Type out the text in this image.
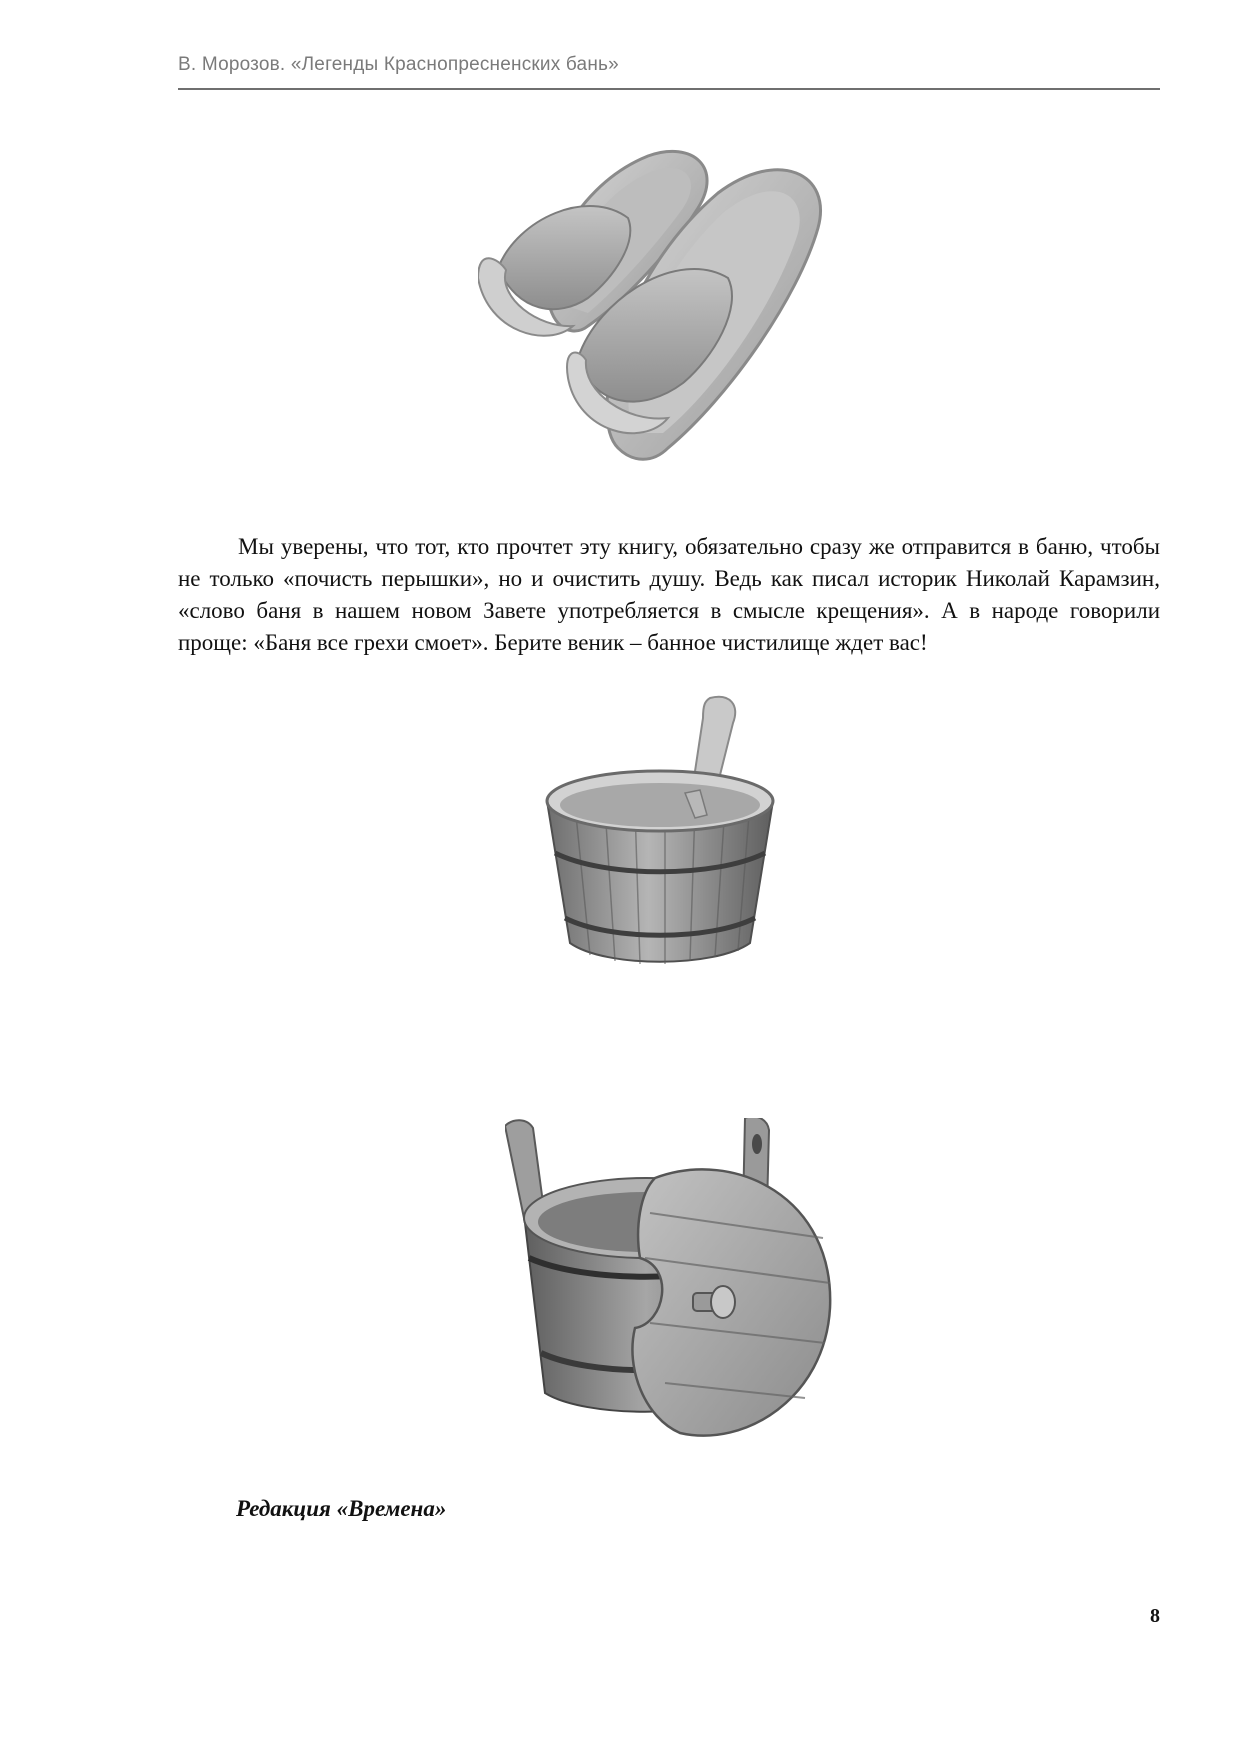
В. Морозов. «Легенды Краснопресненских бань»

Мы уверены, что тот, кто прочтет эту книгу, обязательно сразу же отправится в баню, чтобы не только «почисть перышки», но и очистить душу. Ведь как писал историк Николай Карамзин, «слово баня в нашем новом Завете употребляется в смысле крещения». А в народе говорили проще: «Баня все грехи смоет». Берите веник – банное чистилище ждет вас!

Редакция «Времена»

8
